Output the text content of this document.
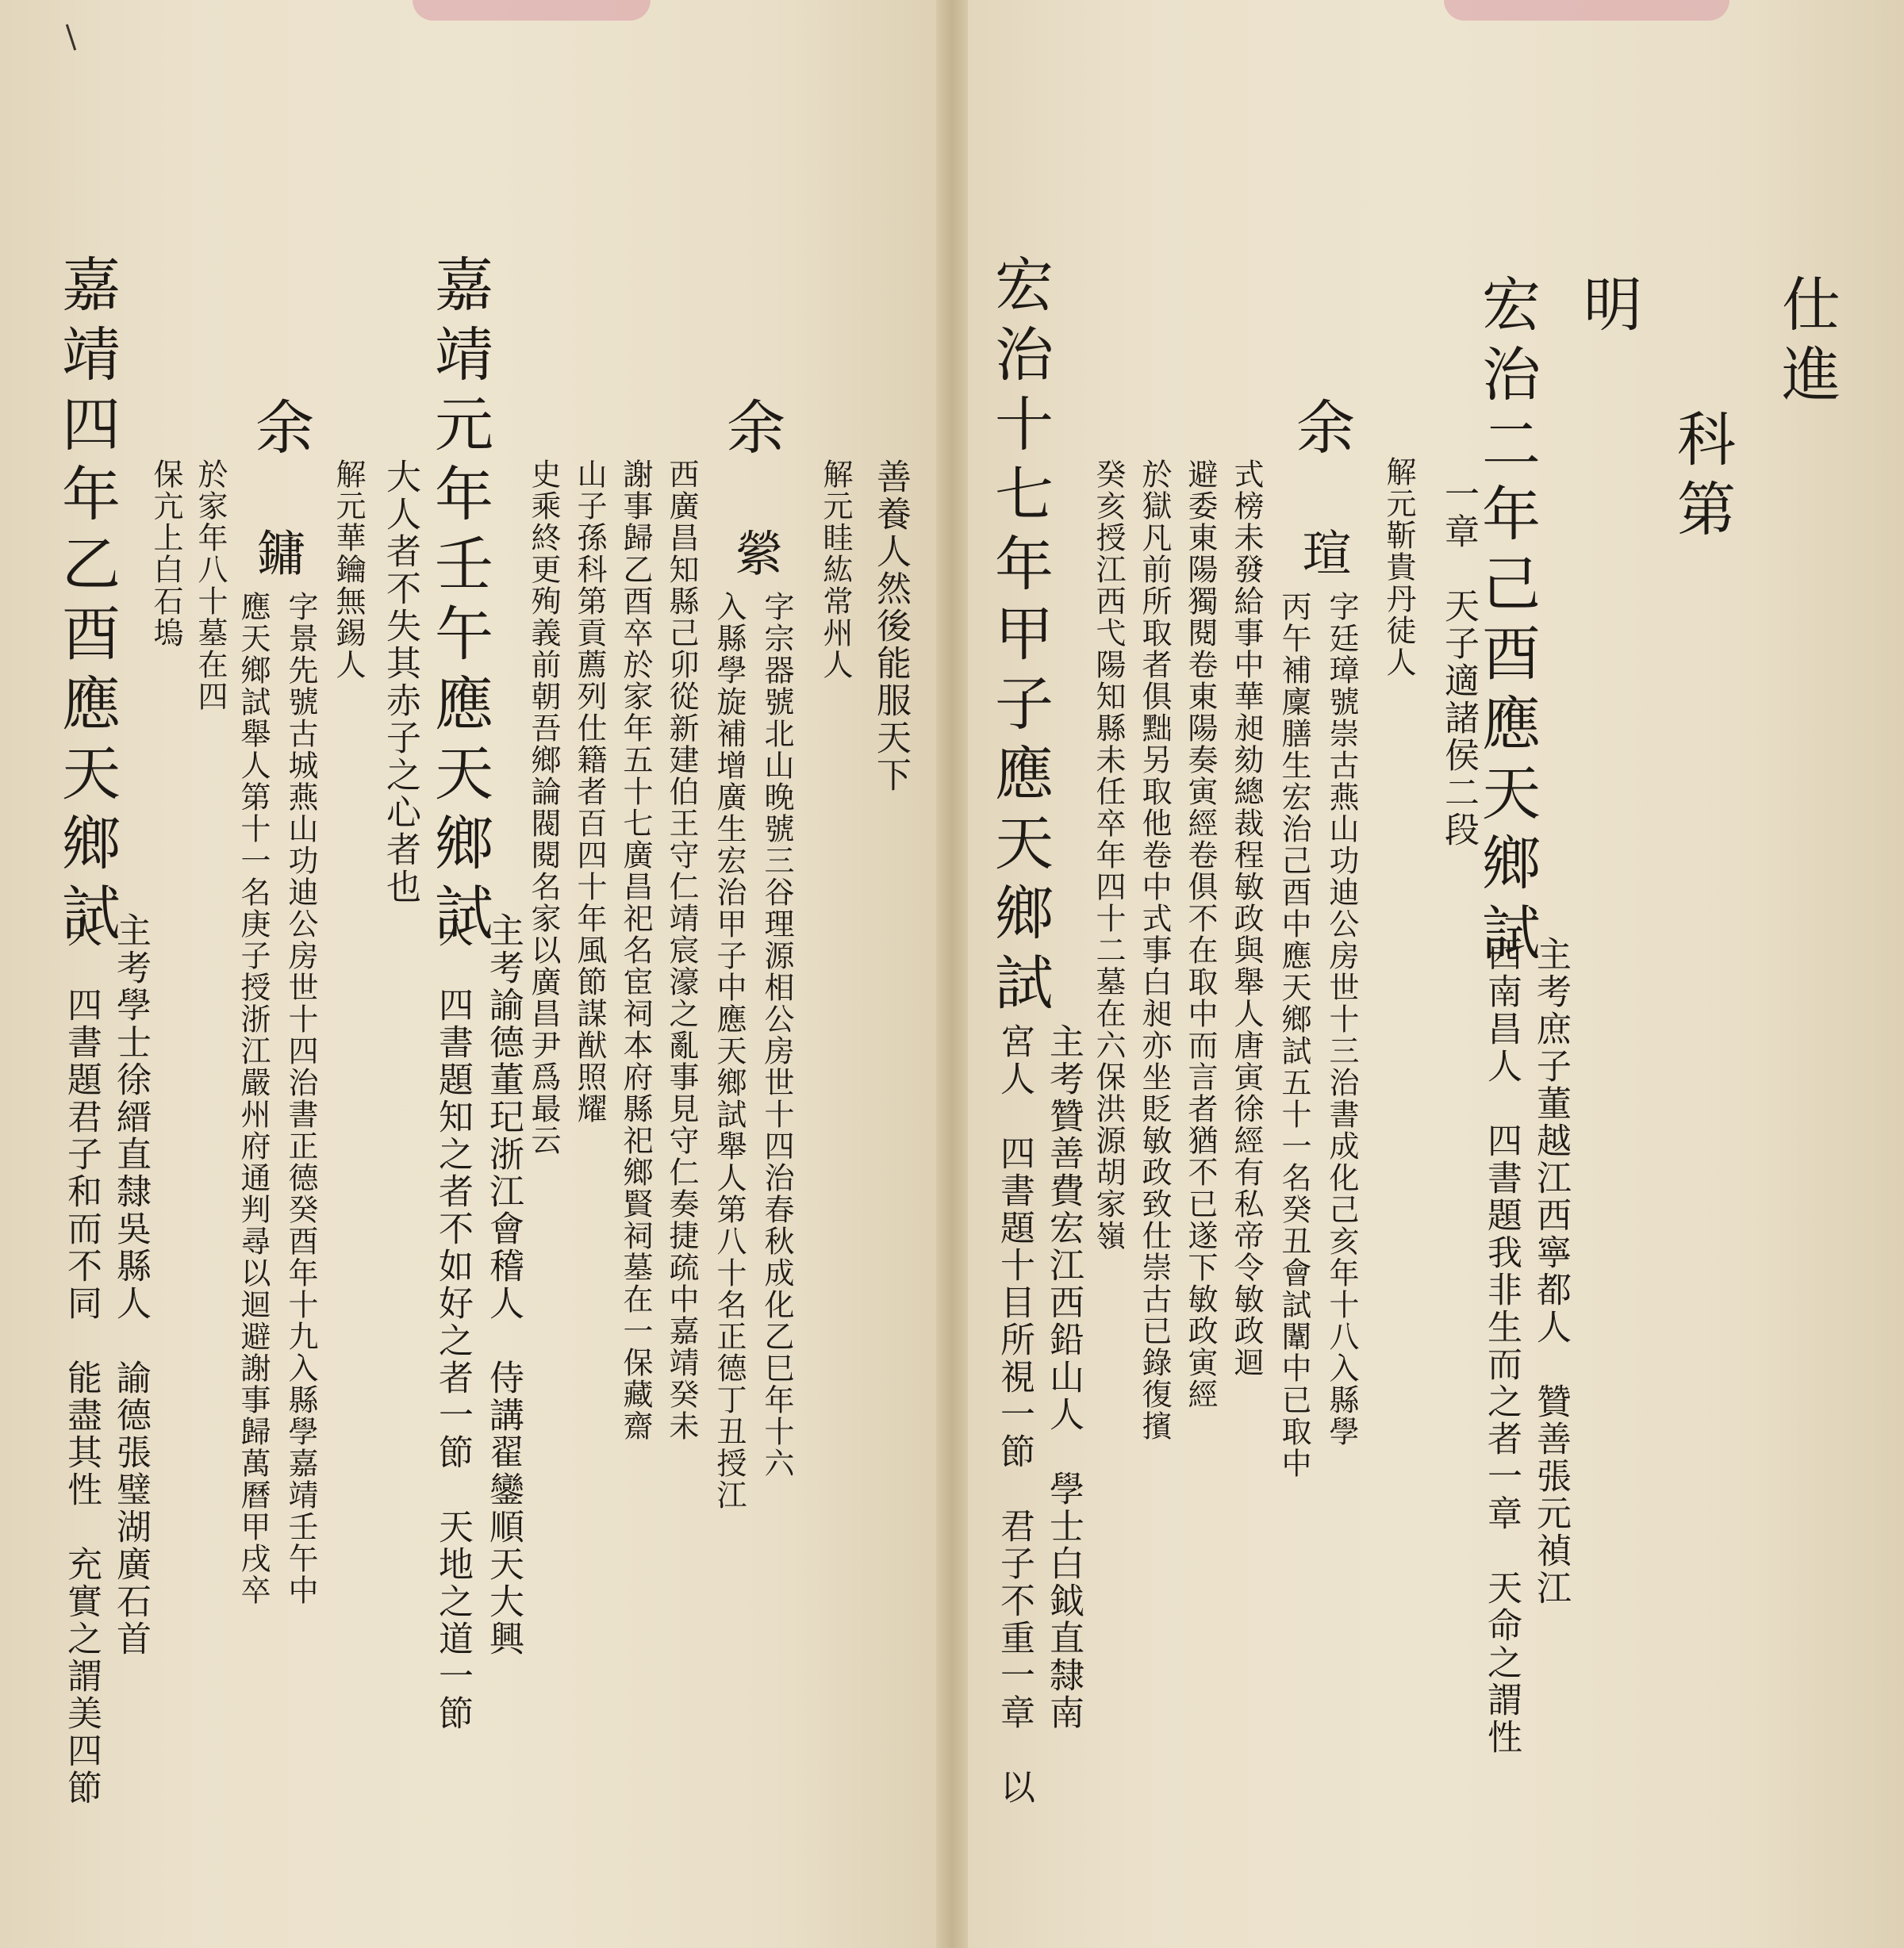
仕進
科第
明
宏治二年己酉應天鄉試
主考庶子董越江西寧都人　贊善張元禎江
西南昌人　四書題我非生而之者一章　天命之謂性
一章　天子適諸侯二段
解元靳貴丹徒人
余
瑄
字廷璋號崇古燕山功迪公房世十三治書成化己亥年十八入縣學
丙午補廩膳生宏治己酉中應天鄉試五十一名癸丑會試闈中已取中
式榜未發給事中華昶劾總裁程敏政與舉人唐寅徐經有私帝令敏政迴
避委東陽獨閱卷東陽奏寅經卷俱不在取中而言者猶不已遂下敏政寅經
於獄凡前所取者俱黜另取他卷中式事白昶亦坐貶敏政致仕崇古已錄復擯
癸亥授江西弋陽知縣未任卒年四十二墓在六保洪源胡家嶺
宏治十七年甲子應天鄉試
主考贊善費宏江西鉛山人　學士白鉞直隸南
宮人　四書題十目所視一節　君子不重一章　以
善養人然後能服天下
解元眭紘常州人
余
縈
字宗器號北山晚號三谷理源相公房世十四治春秋成化乙巳年十六
入縣學旋補增廣生宏治甲子中應天鄉試舉人第八十名正德丁丑授江
西廣昌知縣己卯從新建伯王守仁靖宸濠之亂事見守仁奏捷疏中嘉靖癸未
謝事歸乙酉卒於家年五十七廣昌祀名宦祠本府縣祀鄉賢祠墓在一保藏齋
山子孫科第貢薦列仕籍者百四十年風節謀猷照耀
史乘終更殉義前朝吾鄉論閥閱名家以廣昌尹爲最云
嘉靖元年壬午應天鄉試
主考諭德董玘浙江會稽人　侍講翟鑾順天大興
人　四書題知之者不如好之者一節　天地之道一節
大人者不失其赤子之心者也
解元華鑰無錫人
余
鏞
字景先號古城燕山功迪公房世十四治書正德癸酉年十九入縣學嘉靖壬午中
應天鄉試舉人第十一名庚子授浙江嚴州府通判尋以迴避謝事歸萬曆甲戌卒
於家年八十墓在四
保亢上白石塢
嘉靖四年乙酉應天鄉試
主考學士徐縉直隸吳縣人　諭德張璧湖廣石首
人　四書題君子和而不同　能盡其性　充實之謂美四節
